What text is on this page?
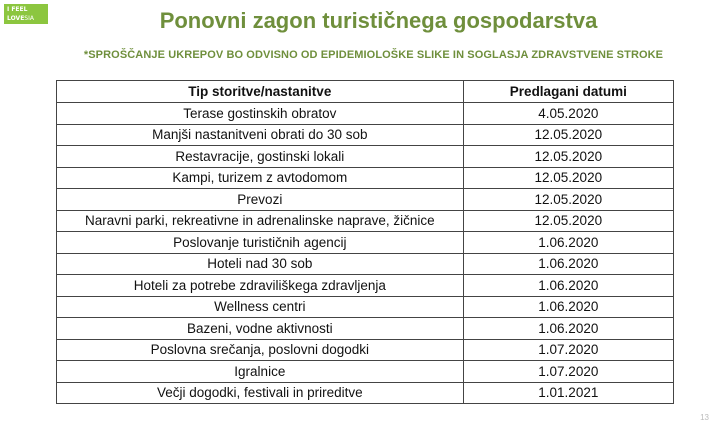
I FEEL
LOVESIA	Ponovni zagon turističnega gospodarstva
*SPROŠČANJE UKREPOV BO ODVISNO OD EPIDEMIOLOŠKE SLIKE IN SOGLASJA ZDRAVSTVENE STROKE
Tip storitve/nastanitve	Predlagani datumi
Terase gostinskih obratov	4.05.2020
Manjši nastanitveni obrati do 30 sob	12.05.2020
Restavracije, gostinski lokali	12.05.2020
Kampi, turizem z avtodomom	12.05.2020
Prevozi	12.05.2020
Naravni parki, rekreativne in adrenalinske naprave, žičnice	12.05.2020
Poslovanje turističnih agencij	1.06.2020
Hoteli nad 30 sob	1.06.2020
Hoteli za potrebe zdraviliškega zdravljenja	1.06.2020
Wellness centri	1.06.2020
Bazeni, vodne aktivnosti	1.06.2020
Poslovna srečanja, poslovni dogodki	1.07.2020
Igralnice	1.07.2020
Večji dogodki, festivali in prireditve	1.01.2021
13
